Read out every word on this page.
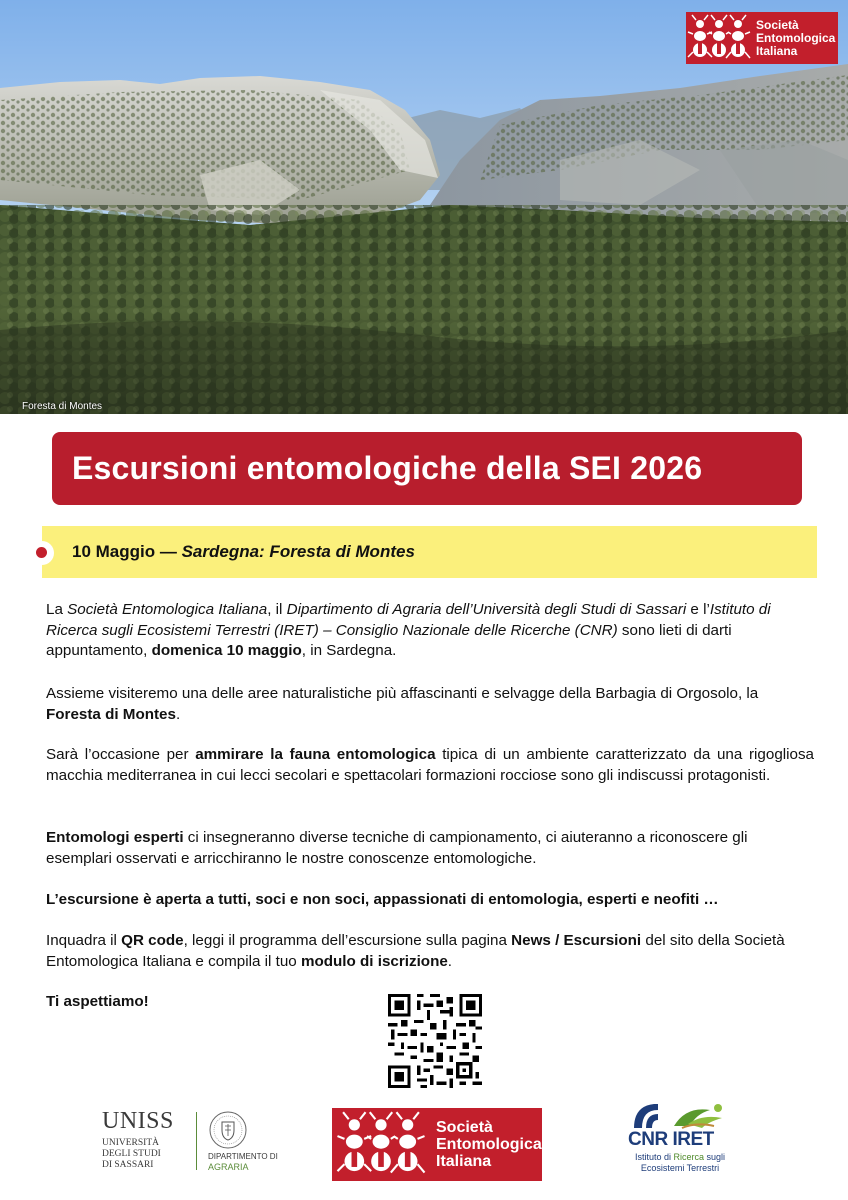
Foresta di Montes
Società
Entomologica
Italiana
Escursioni entomologiche della SEI 2026
10 Maggio — Sardegna: Foresta di Montes

La Società Entomologica Italiana, il Dipartimento di Agraria dell’Università degli Studi di Sassari e l’Istituto di Ricerca sugli Ecosistemi Terrestri (IRET) – Consiglio Nazionale delle Ricerche (CNR) sono lieti di darti appuntamento, domenica 10 maggio, in Sardegna.

Assieme visiteremo una delle aree naturalistiche più affascinanti e selvagge della Barbagia di Orgosolo, la Foresta di Montes.

Sarà l’occasione per ammirare la fauna entomologica tipica di un ambiente caratterizzato da una rigogliosa macchia mediterranea in cui lecci secolari e spettacolari formazioni rocciose sono gli indiscussi protagonisti.

Entomologi esperti ci insegneranno diverse tecniche di campionamento, ci aiuteranno a riconoscere gli esemplari osservati e arricchiranno le nostre conoscenze entomologiche.

L’escursione è aperta a tutti, soci e non soci, appassionati di entomologia, esperti e neofiti …

Inquadra il QR code, leggi il programma dell’escursione sulla pagina News / Escursioni del sito della Società Entomologica Italiana e compila il tuo modulo di iscrizione.

Ti aspettiamo!

UNISS
UNIVERSITÀ
DEGLI STUDI
DI SASSARI
DIPARTIMENTO DI
AGRARIA
Società
Entomologica
Italiana
CNR IRET
Istituto di Ricerca sugli
Ecosistemi Terrestri
